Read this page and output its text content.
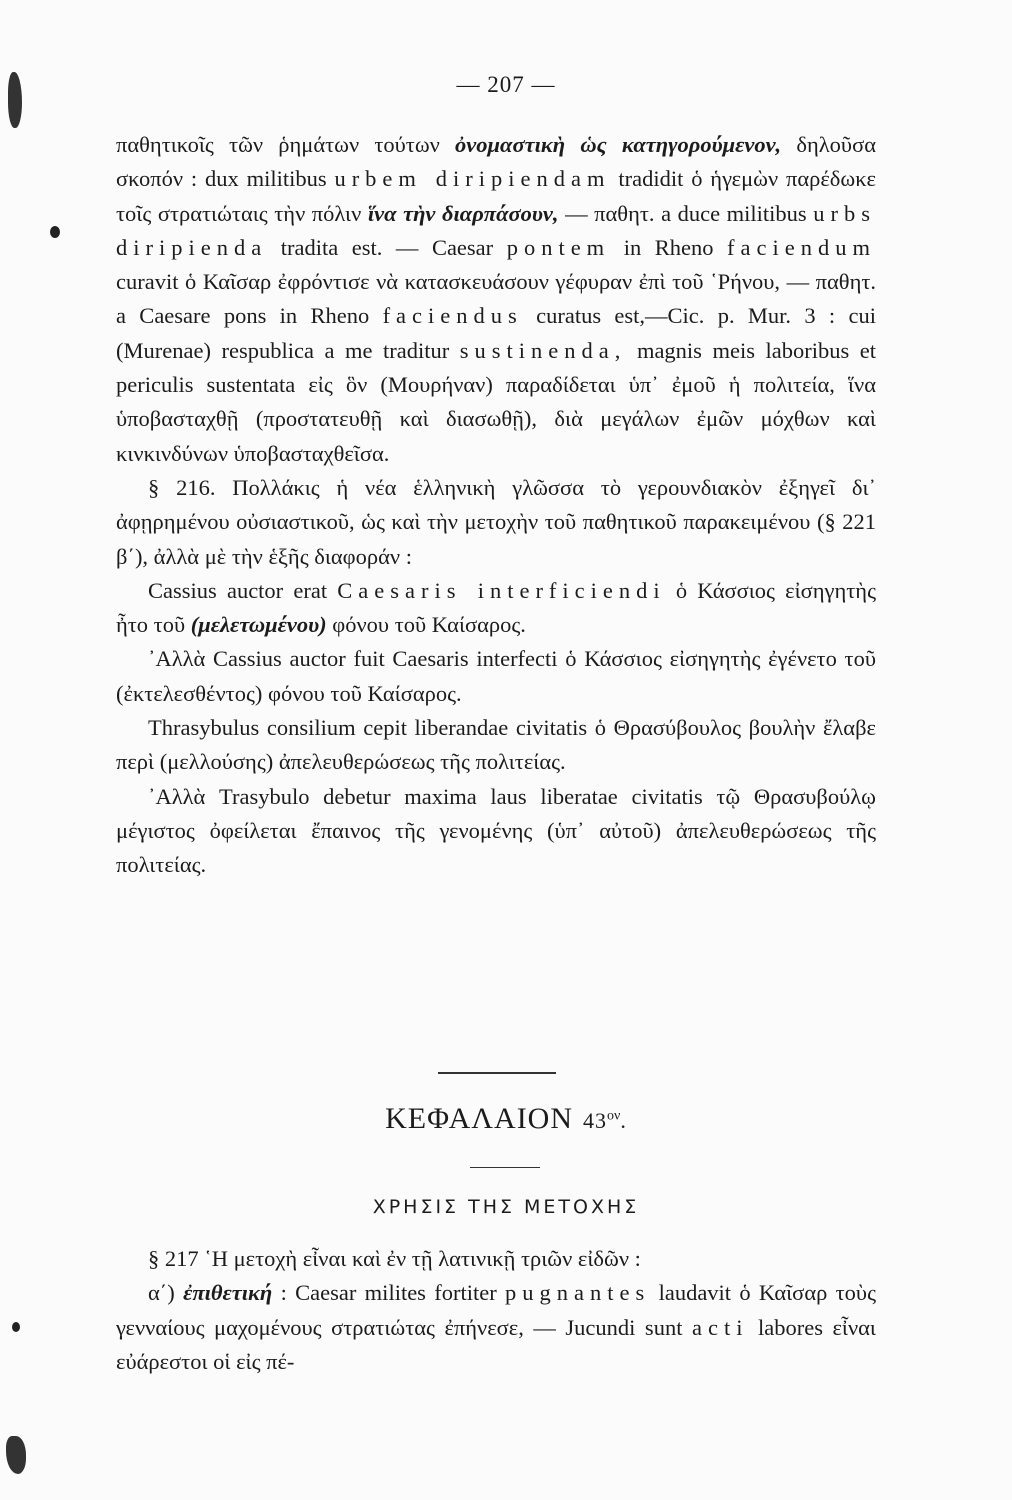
— 207 —

παθητικοῖς τῶν ῥημάτων τούτων ὀνομαστικὴ ὡς κατηγορούμενον, δηλοῦσα σκοπόν : dux militibus urbem diripiendam tradidit ὁ ἡγεμὼν παρέδωκε τοῖς στρατιώταις τὴν πόλιν ἵνα τὴν διαρπάσουν, — παθητ. a duce militibus urbs diripienda tradita est. — Caesar pontem in Rheno faciendum curavit ὁ Καῖσαρ ἐφρόντισε νὰ κατασκευάσουν γέφυραν ἐπὶ τοῦ ῾Ρήνου, — παθητ. a Caesare pons in Rheno faciendus curatus est,—Cic. p. Mur. 3 : cui (Murenae) respublica a me traditur sustinenda, magnis meis laboribus et periculis sustentata εἰς ὃν (Μουρήναν) παραδίδεται ὑπ᾽ ἐμοῦ ἡ πολιτεία, ἵνα ὑποβασταχθῇ (προστατευθῇ καὶ διασωθῇ), διὰ μεγάλων ἐμῶν μόχθων καὶ κινκινδύνων ὑποβασταχθεῖσα.

§ 216. Πολλάκις ἡ νέα ἑλληνικὴ γλῶσσα τὸ γερουνδιακὸν ἐξηγεῖ δι᾽ ἀφῃρημένου οὐσιαστικοῦ, ὡς καὶ τὴν μετοχὴν τοῦ παθητικοῦ παρακειμένου (§ 221 β΄), ἀλλὰ μὲ τὴν ἑξῆς διαφοράν :

Cassius auctor erat Caesaris interficiendi ὁ Κάσσιος εἰσηγητὴς ἦτο τοῦ (μελετωμένου) φόνου τοῦ Καίσαρος.

᾽Αλλὰ Cassius auctor fuit Caesaris interfecti ὁ Κάσσιος εἰσηγητὴς ἐγένετο τοῦ (ἐκτελεσθέντος) φόνου τοῦ Καίσαρος.

Thrasybulus consilium cepit liberandae civitatis ὁ Θρασύβουλος βουλὴν ἔλαβε περὶ (μελλούσης) ἀπελευθερώσεως τῆς πολιτείας.

᾽Αλλὰ Trasybulo debetur maxima laus liberatae civitatis τῷ Θρασυβούλῳ μέγιστος ὀφείλεται ἔπαινος τῆς γενομένης (ὑπ᾽ αὐτοῦ) ἀπελευθερώσεως τῆς πολιτείας.

ΚΕΦΑΛΑΙΟΝ $43^{o\nu}$.
ΧΡΗΣΙΣ ΤΗΣ ΜΕΤΟΧΗΣ

§ 217 ῾Η μετοχὴ εἶναι καὶ ἐν τῇ λατινικῇ τριῶν εἰδῶν :

α΄) ἐπιθετική : Caesar milites fortiter pugnantes laudavit ὁ Καῖσαρ τοὺς γενναίους μαχομένους στρατιώτας ἐπήνεσε, — Jucundi sunt acti labores εἶναι εὐάρεστοι οἱ εἰς πέ-
